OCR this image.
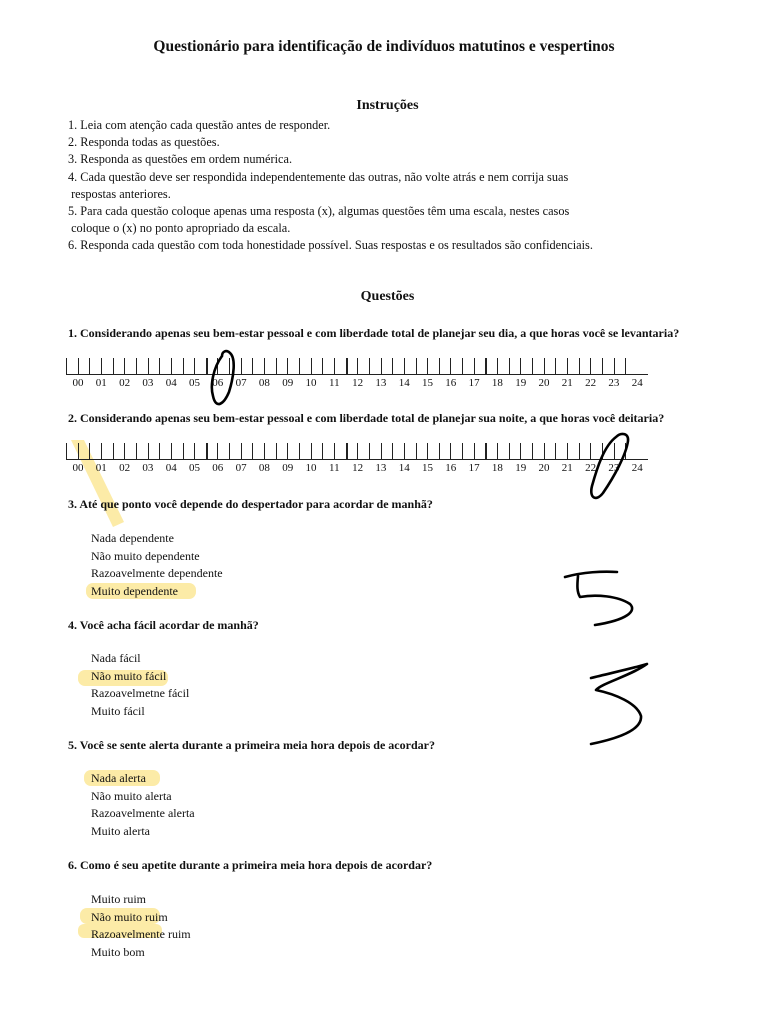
Questionário para identificação de indivíduos matutinos e vespertinos
Instruções
1. Leia com atenção cada questão antes de responder.
2. Responda todas as questões.
3. Responda as questões em ordem numérica.
4. Cada questão deve ser respondida independentemente das outras, não volte atrás e nem corrija suas
respostas anteriores.
5. Para cada questão coloque apenas uma resposta (x), algumas questões têm uma escala, nestes casos
coloque o (x) no ponto apropriado da escala.
6. Responda cada questão com toda honestidade possível. Suas respostas e os resultados são confidenciais.
Questões
1. Considerando apenas seu bem-estar pessoal e com liberdade total de planejar seu dia, a que horas você se levantaria?
00	01	02	03	04	05	06	07	08	09	10	11	12	13	14	15	16	17	18	19	20	21	22	23	24
2. Considerando apenas seu bem-estar pessoal e com liberdade total de planejar sua noite, a que horas você deitaria?
00	01	02	03	04	05	06	07	08	09	10	11	12	13	14	15	16	17	18	19	20	21	22	23	24
3. Até que ponto você depende do despertador para acordar de manhã?
Nada dependente
Não muito dependente
Razoavelmente dependente
Muito dependente
4. Você acha fácil acordar de manhã?
Nada fácil
Não muito fácil
Razoavelmetne fácil
Muito fácil
5. Você se sente alerta durante a primeira meia hora depois de acordar?
Nada alerta
Não muito alerta
Razoavelmente alerta
Muito alerta
6. Como é seu apetite durante a primeira meia hora depois de acordar?
Muito ruim
Não muito ruim
Razoavelmente ruim
Muito bom
